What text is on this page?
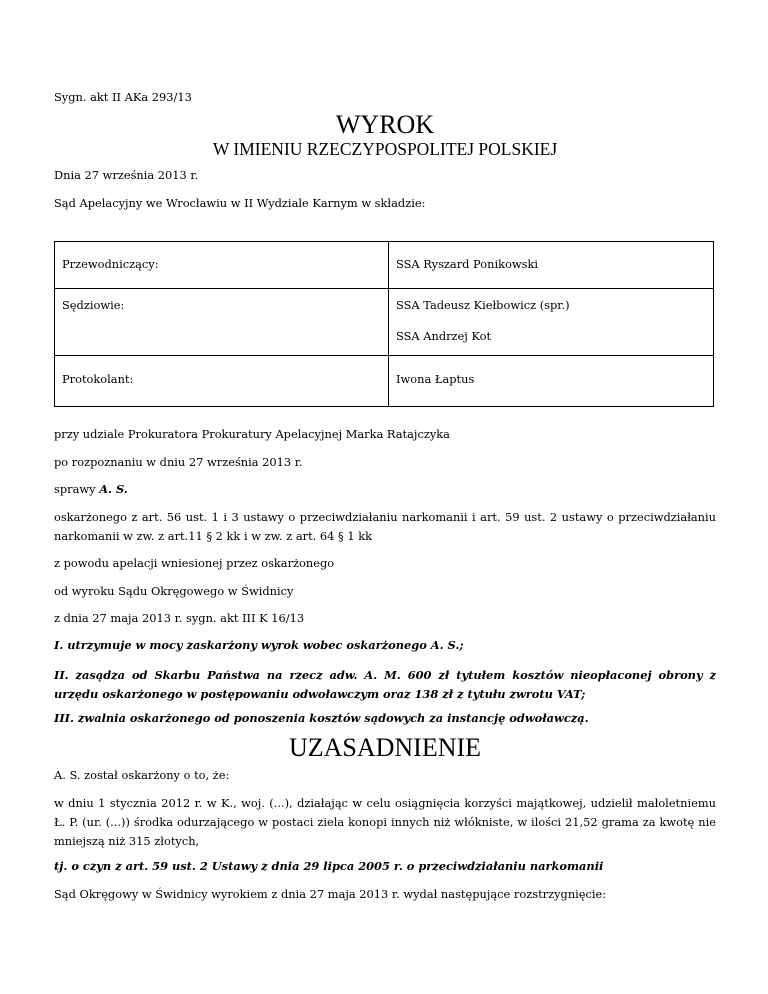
Sygn. akt II AKa 293/13
WYROK
W IMIENIU RZECZYPOSPOLITEJ POLSKIEJ
Dnia 27 września 2013 r.
Sąd Apelacyjny we Wrocławiu w II Wydziale Karnym w składzie:
Przewodniczący:	SSA Ryszard Ponikowski

Sędziowie:	SSA Tadeusz Kiełbowicz (spr.)
SSA Andrzej Kot

Protokolant:	Iwona Łaptus
przy udziale Prokuratora Prokuratury Apelacyjnej Marka Ratajczyka
po rozpoznaniu w dniu 27 września 2013 r.
sprawy A. S.
oskarżonego z art. 56 ust. 1 i 3 ustawy o przeciwdziałaniu narkomanii i art. 59 ust. 2 ustawy o przeciwdziałaniu narkomanii w zw. z art.11 § 2 kk i w zw. z art. 64 § 1 kk
z powodu apelacji wniesionej przez oskarżonego
od wyroku Sądu Okręgowego w Świdnicy
z dnia 27 maja 2013 r. sygn. akt III K 16/13
I. utrzymuje w mocy zaskarżony wyrok wobec oskarżonego A. S.;
II. zasądza od Skarbu Państwa na rzecz adw. A. M. 600 zł tytułem kosztów nieopłaconej obrony z urzędu oskarżonego w postępowaniu odwoławczym oraz 138 zł z tytułu zwrotu VAT;
III. zwalnia oskarżonego od ponoszenia kosztów sądowych za instancję odwoławczą.
UZASADNIENIE
A. S. został oskarżony o to, że:
w dniu 1 stycznia 2012 r. w K., woj. (...), działając w celu osiągnięcia korzyści majątkowej, udzielił małoletniemu Ł. P. (ur. (...)) środka odurzającego w postaci ziela konopi innych niż włókniste, w ilości 21,52 grama za kwotę nie mniejszą niż 315 złotych,
tj. o czyn z art. 59 ust. 2 Ustawy z dnia 29 lipca 2005 r. o przeciwdziałaniu narkomanii
Sąd Okręgowy w Świdnicy wyrokiem z dnia 27 maja 2013 r. wydał następujące rozstrzygnięcie:
